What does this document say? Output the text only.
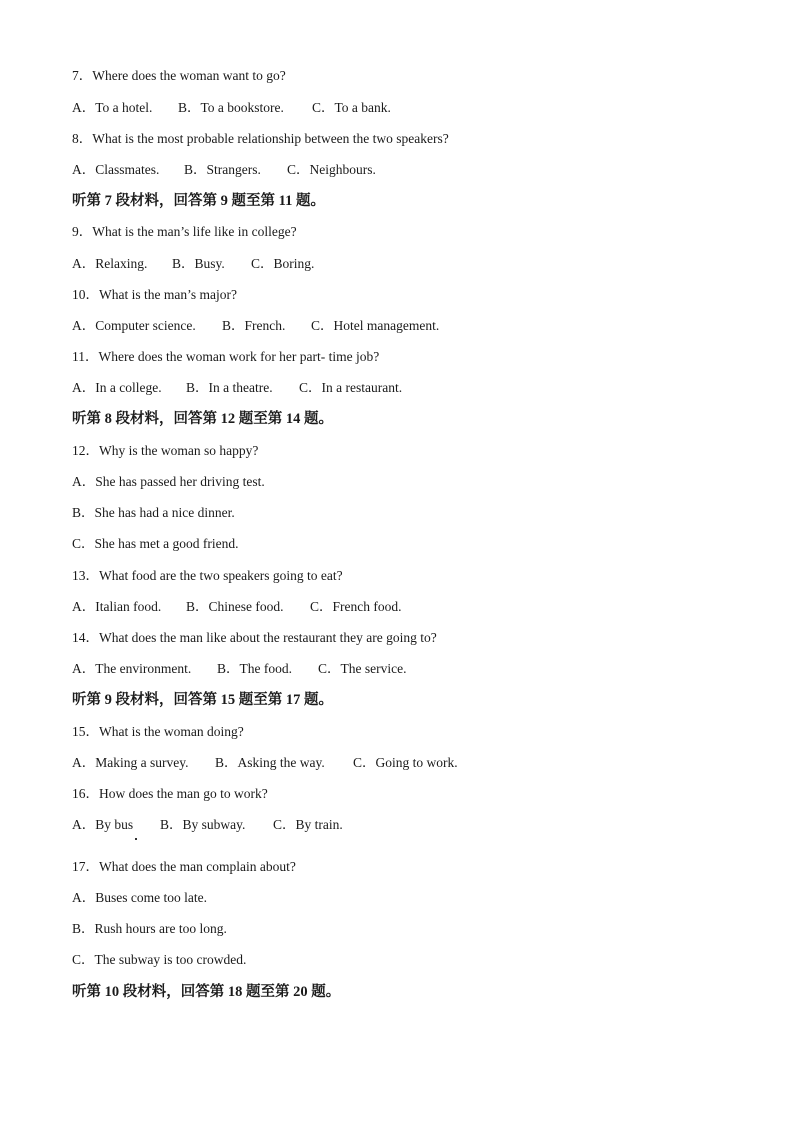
7．Where does the woman want to go?
A．To a hotel. B．To a bookstore. C．To a bank.
8．What is the most probable relationship between the two speakers?
A．Classmates. B．Strangers. C．Neighbours.
听第 7 段材料，回答第 9 题至第 11 题。
9．What is the man’s life like in college?
A．Relaxing. B．Busy. C．Boring.
10．What is the man’s major?
A．Computer science. B．French. C．Hotel management.
11．Where does the woman work for her part- time job?
A．In a college. B．In a theatre. C．In a restaurant.
听第 8 段材料，回答第 12 题至第 14 题。
12．Why is the woman so happy?
A．She has passed her driving test.
B．She has had a nice dinner.
C．She has met a good friend.
13．What food are the two speakers going to eat?
A．Italian food. B．Chinese food. C．French food.
14．What does the man like about the restaurant they are going to?
A．The environment. B．The food. C．The service.
听第 9 段材料，回答第 15 题至第 17 题。
15．What is the woman doing?
A．Making a survey. B．Asking the way. C．Going to work.
16．How does the man go to work?
A．By bus B．By subway. C．By train.
17．What does the man complain about?
A．Buses come too late.
B．Rush hours are too long.
C．The subway is too crowded.
听第 10 段材料，回答第 18 题至第 20 题。
